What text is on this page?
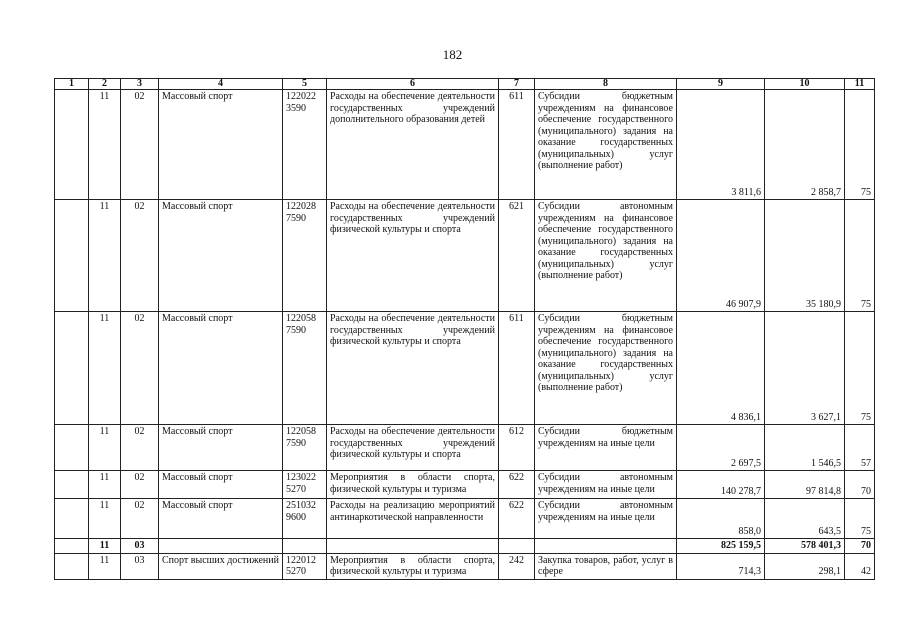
182
1	2	3	4	5	6	7	8	9	10	11
	11	02	Массовый спорт	122022 3590	Расходы на обеспечение деятельности государственных учреждений дополнительного образования детей	611	Субсидии бюджетным учреждениям на финансовое обеспечение государственного (муниципального) задания на оказание государственных (муниципальных) услуг (выполнение работ)	3 811,6	2 858,7	75
	11	02	Массовый спорт	122028 7590	Расходы на обеспечение деятельности государственных учреждений физической культуры и спорта	621	Субсидии автономным учреждениям на финансовое обеспечение государственного (муниципального) задания на оказание государственных (муниципальных) услуг (выполнение работ)	46 907,9	35 180,9	75
	11	02	Массовый спорт	122058 7590	Расходы на обеспечение деятельности государственных учреждений физической культуры и спорта	611	Субсидии бюджетным учреждениям на финансовое обеспечение государственного (муниципального) задания на оказание государственных (муниципальных) услуг (выполнение работ)	4 836,1	3 627,1	75
	11	02	Массовый спорт	122058 7590	Расходы на обеспечение деятельности государственных учреждений физической культуры и спорта	612	Субсидии бюджетным учреждениям на иные цели	2 697,5	1 546,5	57
	11	02	Массовый спорт	123022 5270	Мероприятия в области спорта, физической культуры и туризма	622	Субсидии автономным учреждениям на иные цели	140 278,7	97 814,8	70
	11	02	Массовый спорт	251032 9600	Расходы на реализацию мероприятий антинаркотической направленности	622	Субсидии автономным учреждениям на иные цели	858,0	643,5	75
	11	03						825 159,5	578 401,3	70
	11	03	Спорт высших достижений	122012 5270	Мероприятия в области спорта, физической культуры и туризма	242	Закупка товаров, работ, услуг в сфере	714,3	298,1	42
